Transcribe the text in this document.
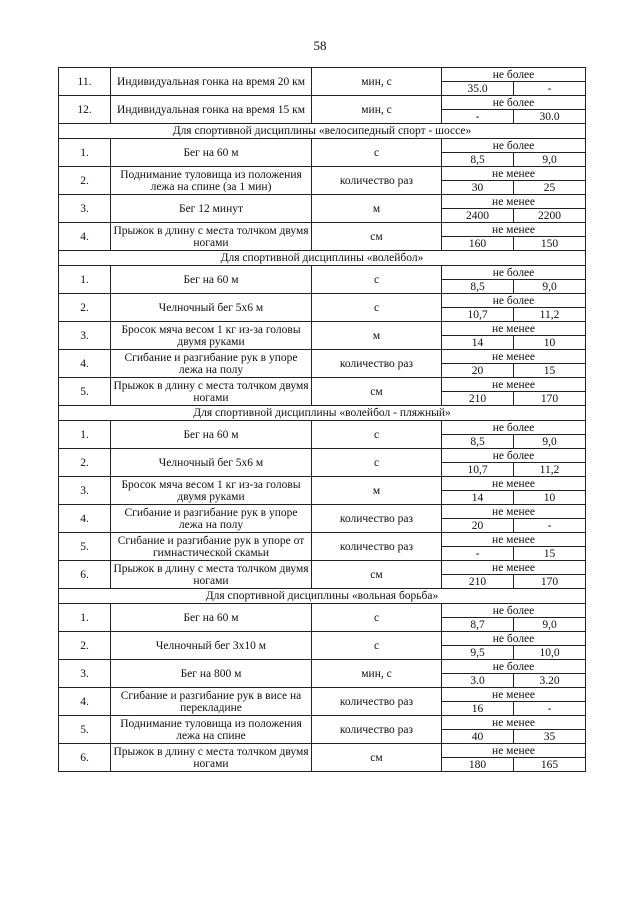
58
11.	Индивидуальная гонка на время 20 км	мин, с	не более	
			35.0	-
12.	Индивидуальная гонка на время 15 км	мин, с	не более	
			-	30.0
Для спортивной дисциплины «велосипедный спорт - шоссе»				
1.	Бег на 60 м	с	не более	
			8,5	9,0
2.	Поднимание туловища из положения лежа на спине (за 1 мин)	количество раз	не менее	
			30	25
3.	Бег 12 минут	м	не менее	
			2400	2200
4.	Прыжок в длину с места толчком двумя ногами	см	не менее	
			160	150
Для спортивной дисциплины «волейбол»				
1.	Бег на 60 м	с	не более	
			8,5	9,0
2.	Челночный бег 5х6 м	с	не более	
			10,7	11,2
3.	Бросок мяча весом 1 кг из-за головы двумя руками	м	не менее	
			14	10
4.	Сгибание и разгибание рук в упоре лежа на полу	количество раз	не менее	
			20	15
5.	Прыжок в длину с места толчком двумя ногами	см	не менее	
			210	170
Для спортивной дисциплины «волейбол - пляжный»				
1.	Бег на 60 м	с	не более	
			8,5	9,0
2.	Челночный бег 5х6 м	с	не более	
			10,7	11,2
3.	Бросок мяча весом 1 кг из-за головы двумя руками	м	не менее	
			14	10
4.	Сгибание и разгибание рук в упоре лежа на полу	количество раз	не менее	
			20	-
5.	Сгибание и разгибание рук в упоре от гимнастической скамьи	количество раз	не менее	
			-	15
6.	Прыжок в длину с места толчком двумя ногами	см	не менее	
			210	170
Для спортивной дисциплины «вольная борьба»				
1.	Бег на 60 м	с	не более	
			8,7	9,0
2.	Челночный бег 3х10 м	с	не более	
			9,5	10,0
3.	Бег на 800 м	мин, с	не более	
			3.0	3.20
4.	Сгибание и разгибание рук в висе на перекладине	количество раз	не менее	
			16	-
5.	Поднимание туловища из положения лежа на спине	количество раз	не менее	
			40	35
6.	Прыжок в длину с места толчком двумя ногами	см	не менее	
			180	165
